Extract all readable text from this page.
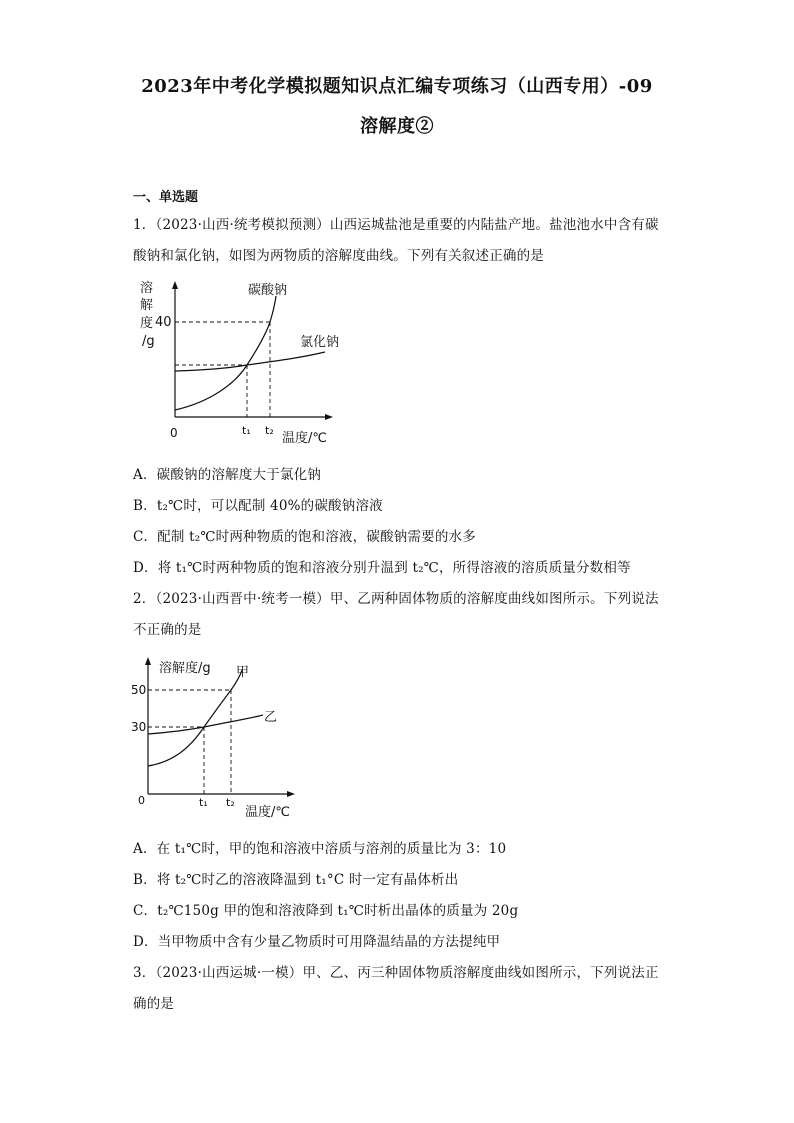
2023年中考化学模拟题知识点汇编专项练习（山西专用）-09
溶解度②
一、单选题
1．（2023·山西·统考模拟预测）山西运城盐池是重要的内陆盐产地。盐池池水中含有碳
酸钠和氯化钠，如图为两物质的溶解度曲线。下列有关叙述正确的是
溶
解
度
/g
40
0	t₁ t₂
温度/℃
碳酸钠
氯化钠
A．碳酸钠的溶解度大于氯化钠
B．t₂℃时，可以配制 40%的碳酸钠溶液
C．配制 t₂℃时两种物质的饱和溶液，碳酸钠需要的水多
D．将 t₁℃时两种物质的饱和溶液分别升温到 t₂℃，所得溶液的溶质质量分数相等
2．（2023·山西晋中·统考一模）甲、乙两种固体物质的溶解度曲线如图所示。下列说法
不正确的是
溶解度/g
50
30
0	t₁ t₂
温度/℃
甲
乙
A．在 t₁℃时，甲的饱和溶液中溶质与溶剂的质量比为 3：10
B．将 t₂℃时乙的溶液降温到 t₁°C 时一定有晶体析出
C．t₂℃150g 甲的饱和溶液降到 t₁℃时析出晶体的质量为 20g
D．当甲物质中含有少量乙物质时可用降温结晶的方法提纯甲
3．（2023·山西运城·一模）甲、乙、丙三种固体物质溶解度曲线如图所示，下列说法正
确的是
